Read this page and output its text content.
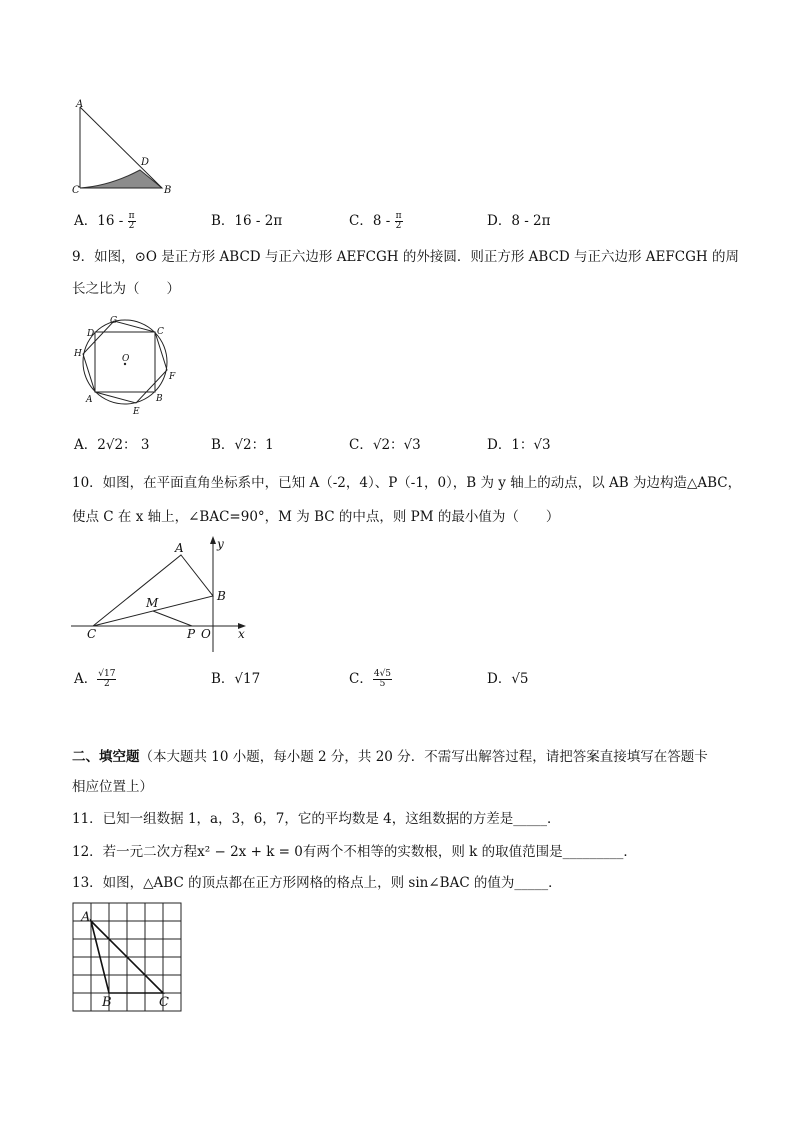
A
D
C	B
A．$16 - \frac{\pi}{2}$	B．16 - 2π	C．$8 - \frac{\pi}{2}$	D．8 - 2π
9．如图，⊙O 是正方形 ABCD 与正六边形 AEFCGH 的外接圆．则正方形 ABCD 与正六边形 AEFCGH 的周
长之比为（　　）
D
G
C
H	O
F
A	B
E
A．2√2： 3	B．√2：1	C．√2：√3	D．1：√3
10．如图，在平面直角坐标系中，已知 A（-2，4）、P（-1，0），B 为 y 轴上的动点，以 AB 为边构造△ABC，
使点 C 在 x 轴上，∠BAC=90°，M 为 BC 的中点，则 PM 的最小值为（　　）
A	y
B
M
C	P O x
A． $\frac{√17}{2}$	B．√17	C． $\frac{4√5}{5}$	D．√5
二、填空题（本大题共 10 小题，每小题 2 分，共 20 分．不需写出解答过程，请把答案直接填写在答题卡
相应位置上）
11．已知一组数据 1，a，3，6，7，它的平均数是 4，这组数据的方差是_____．
12．若一元二次方程x² − 2x + k = 0有两个不相等的实数根，则 k 的取值范围是_________．
13．如图，△ABC 的顶点都在正方形网格的格点上，则 sin∠BAC 的值为_____．
A
B	C
